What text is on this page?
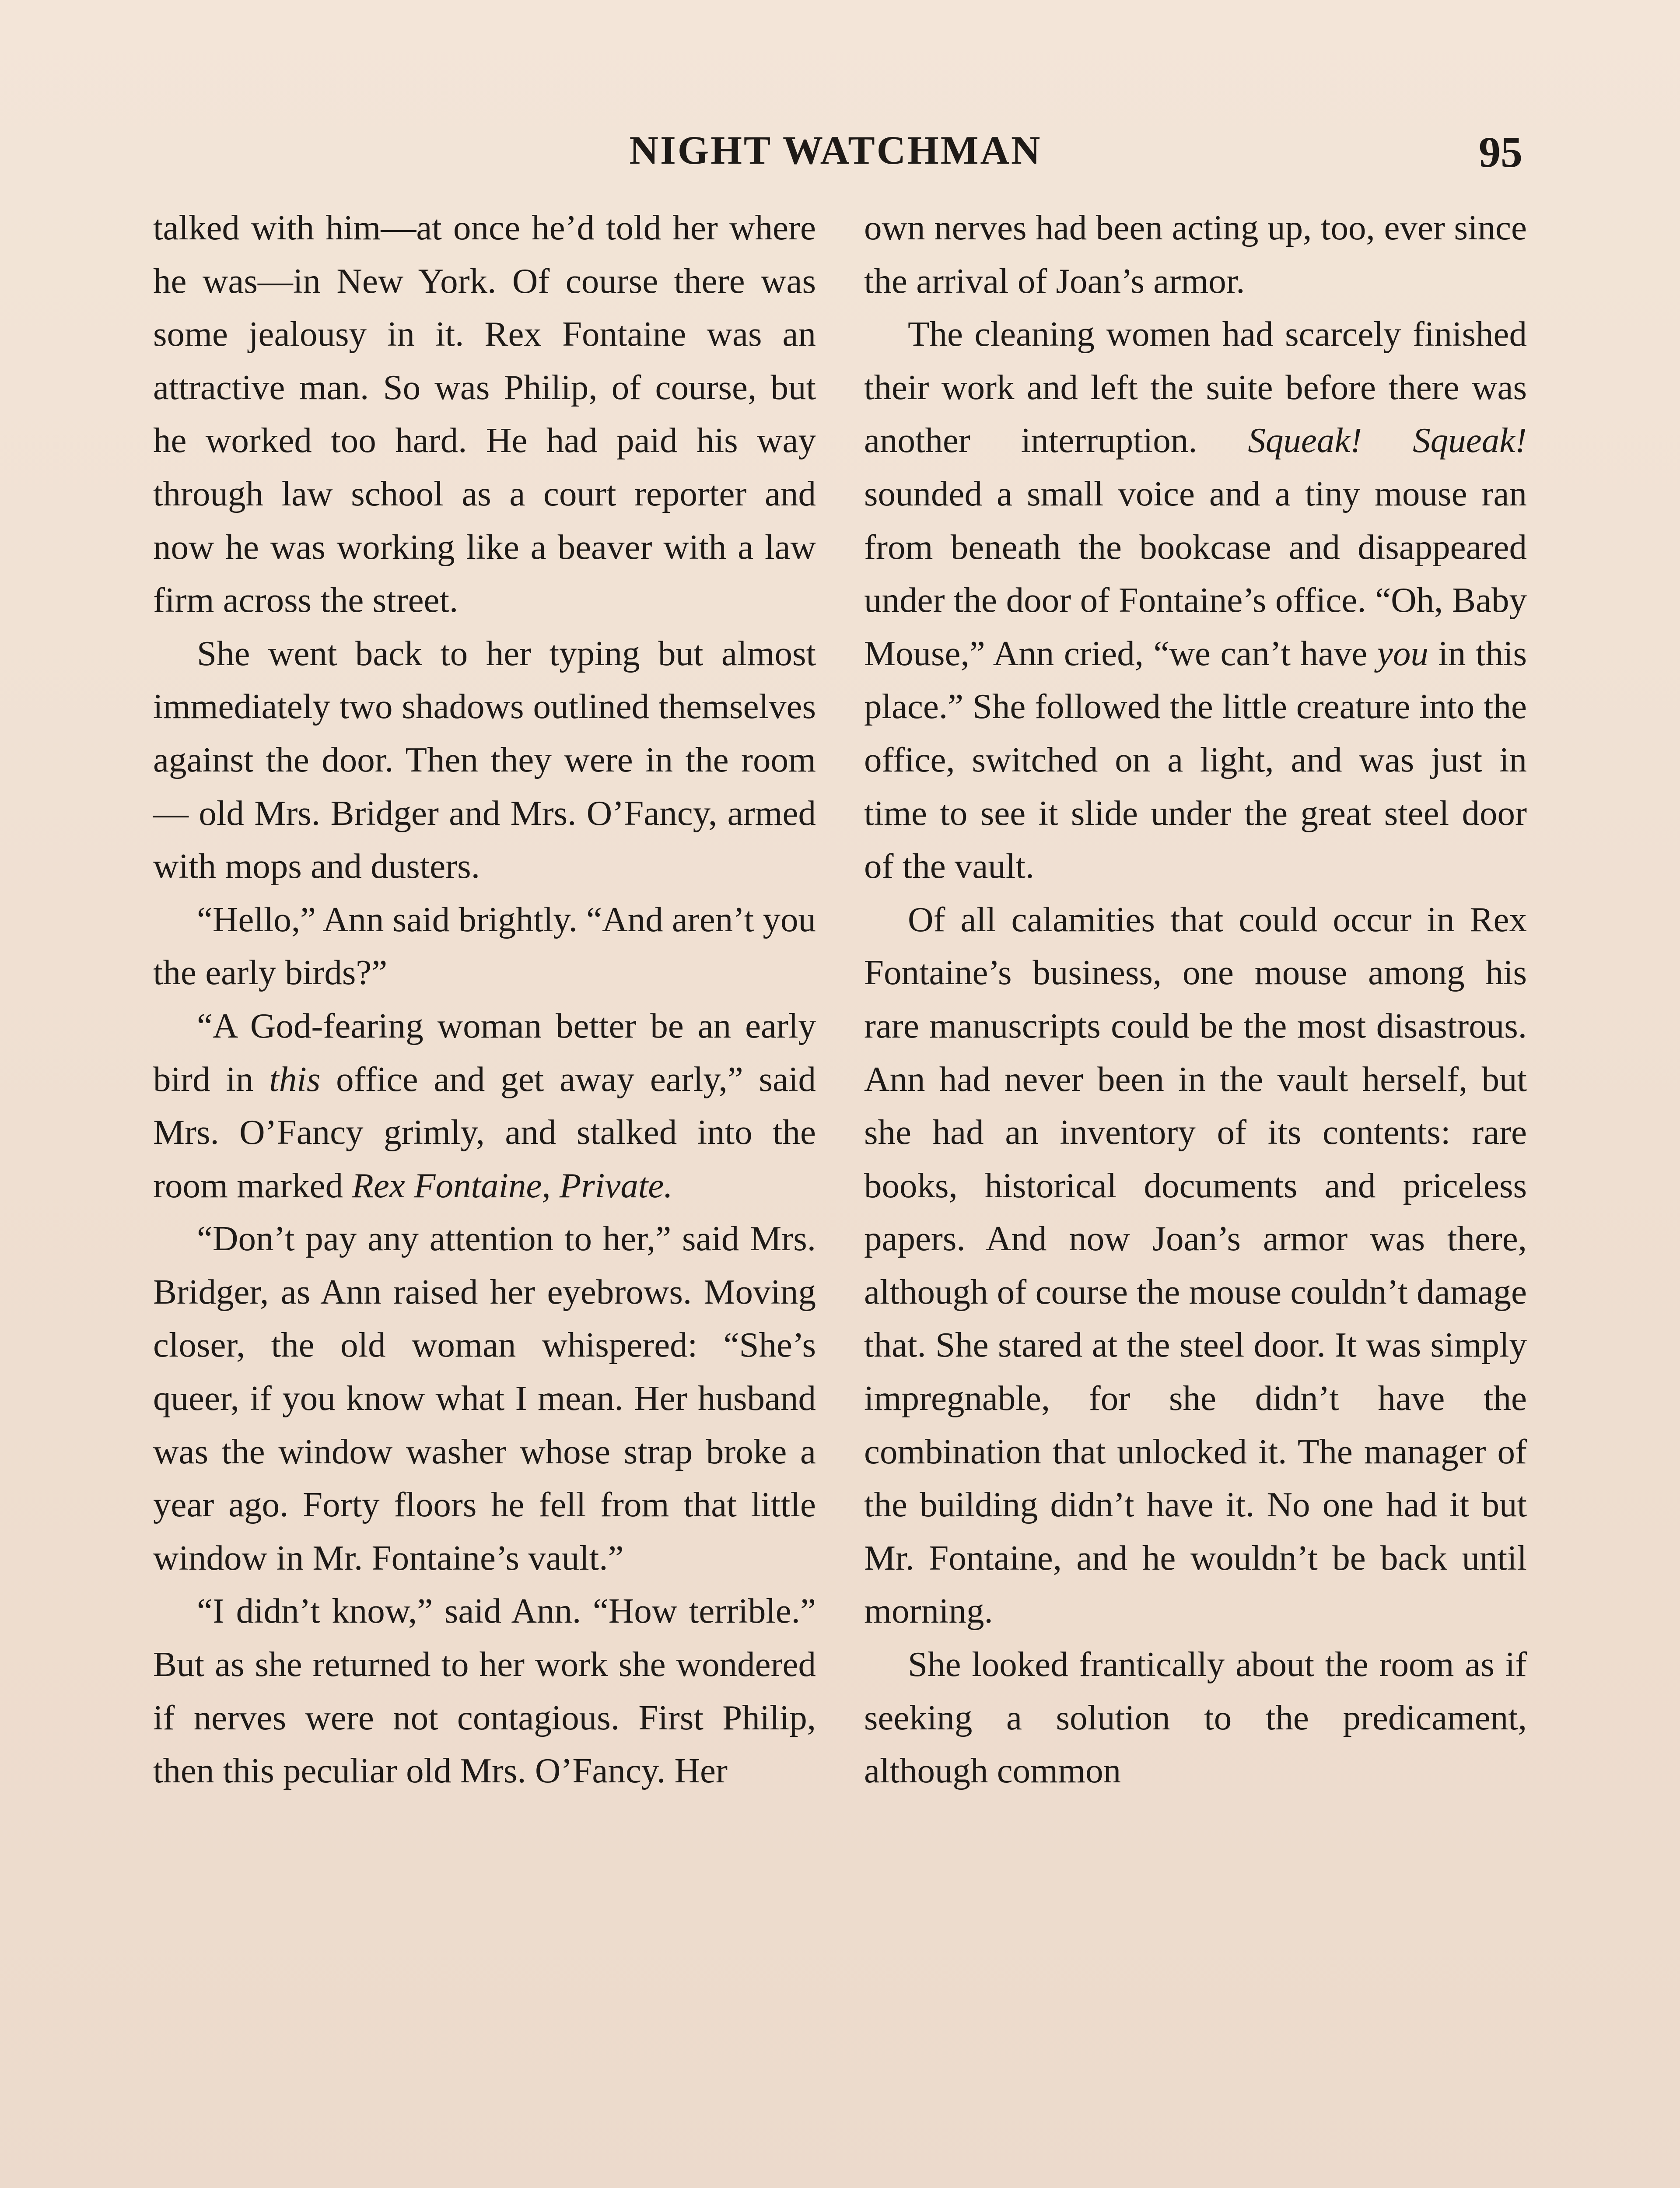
NIGHT WATCHMAN	95

talked with him—at once he’d told her where he was—in New York. Of course there was some jealousy in it. Rex Fontaine was an attractive man. So was Philip, of course, but he worked too hard. He had paid his way through law school as a court reporter and now he was working like a beaver with a law firm across the street.

She went back to her typing but almost immediately two shadows outlined themselves against the door. Then they were in the room— old Mrs. Bridger and Mrs. O’Fancy, armed with mops and dusters.

“Hello,” Ann said brightly. “And aren’t you the early birds?”

“A God-fearing woman better be an early bird in this office and get away early,” said Mrs. O’Fancy grimly, and stalked into the room marked Rex Fontaine, Private.

“Don’t pay any attention to her,” said Mrs. Bridger, as Ann raised her eyebrows. Moving closer, the old woman whispered: “She’s queer, if you know what I mean. Her husband was the window washer whose strap broke a year ago. Forty floors he fell from that little window in Mr. Fontaine’s vault.”

“I didn’t know,” said Ann. “How terrible.” But as she returned to her work she wondered if nerves were not contagious. First Philip, then this peculiar old Mrs. O’Fancy. Her

own nerves had been acting up, too, ever since the arrival of Joan’s armor.

The cleaning women had scarcely finished their work and left the suite before there was another interruption. Squeak! Squeak! sounded a small voice and a tiny mouse ran from beneath the bookcase and disappeared under the door of Fontaine’s office. “Oh, Baby Mouse,” Ann cried, “we can’t have you in this place.” She followed the little creature into the office, switched on a light, and was just in time to see it slide under the great steel door of the vault.

Of all calamities that could occur in Rex Fontaine’s business, one mouse among his rare manuscripts could be the most disastrous. Ann had never been in the vault herself, but she had an inventory of its contents: rare books, historical documents and priceless papers. And now Joan’s armor was there, although of course the mouse couldn’t damage that. She stared at the steel door. It was simply impregnable, for she didn’t have the combination that unlocked it. The manager of the building didn’t have it. No one had it but Mr. Fontaine, and he wouldn’t be back until morning.

She looked frantically about the room as if seeking a solution to the predicament, although common
